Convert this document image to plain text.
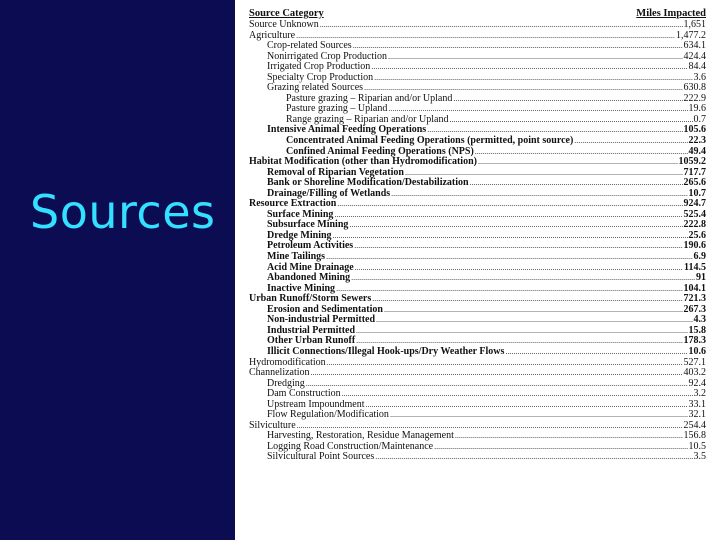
Sources
Source Category	Miles Impacted
Source Unknown .....	1,651
Agriculture .....	1,477.2
Crop-related Sources .....	634.1
Nonirrigated Crop Production .....	424.4
Irrigated Crop Production .....	84.4
Specialty Crop Production .....	3.6
Grazing related Sources .....	630.8
Pasture grazing – Riparian and/or Upland .....	222.9
Pasture grazing – Upland .....	19.6
Range grazing – Riparian and/or Upland .....	0.7
Intensive Animal Feeding Operations .....	105.6
Concentrated Animal Feeding Operations (permitted, point source) .....	22.3
Confined Animal Feeding Operations (NPS) .....	49.4
Habitat Modification (other than Hydromodification) .....	1059.2
Removal of Riparian Vegetation .....	717.7
Bank or Shoreline Modification/Destabilization .....	265.6
Drainage/Filling of Wetlands .....	10.7
Resource Extraction .....	924.7
Surface Mining .....	525.4
Subsurface Mining .....	222.8
Dredge Mining .....	25.6
Petroleum Activities .....	190.6
Mine Tailings .....	6.9
Acid Mine Drainage .....	114.5
Abandoned Mining .....	91
Inactive Mining .....	104.1
Urban Runoff/Storm Sewers .....	721.3
Erosion and Sedimentation .....	267.3
Non-industrial Permitted .....	4.3
Industrial Permitted .....	15.8
Other Urban Runoff .....	178.3
Illicit Connections/Illegal Hook-ups/Dry Weather Flows .....	10.6
Hydromodification .....	527.1
Channelization .....	403.2
Dredging .....	92.4
Dam Construction .....	3.2
Upstream Impoundment .....	33.1
Flow Regulation/Modification .....	32.1
Silviculture .....	254.4
Harvesting, Restoration, Residue Management .....	156.8
Logging Road Construction/Maintenance .....	10.5
Silvicultural Point Sources .....	3.5
